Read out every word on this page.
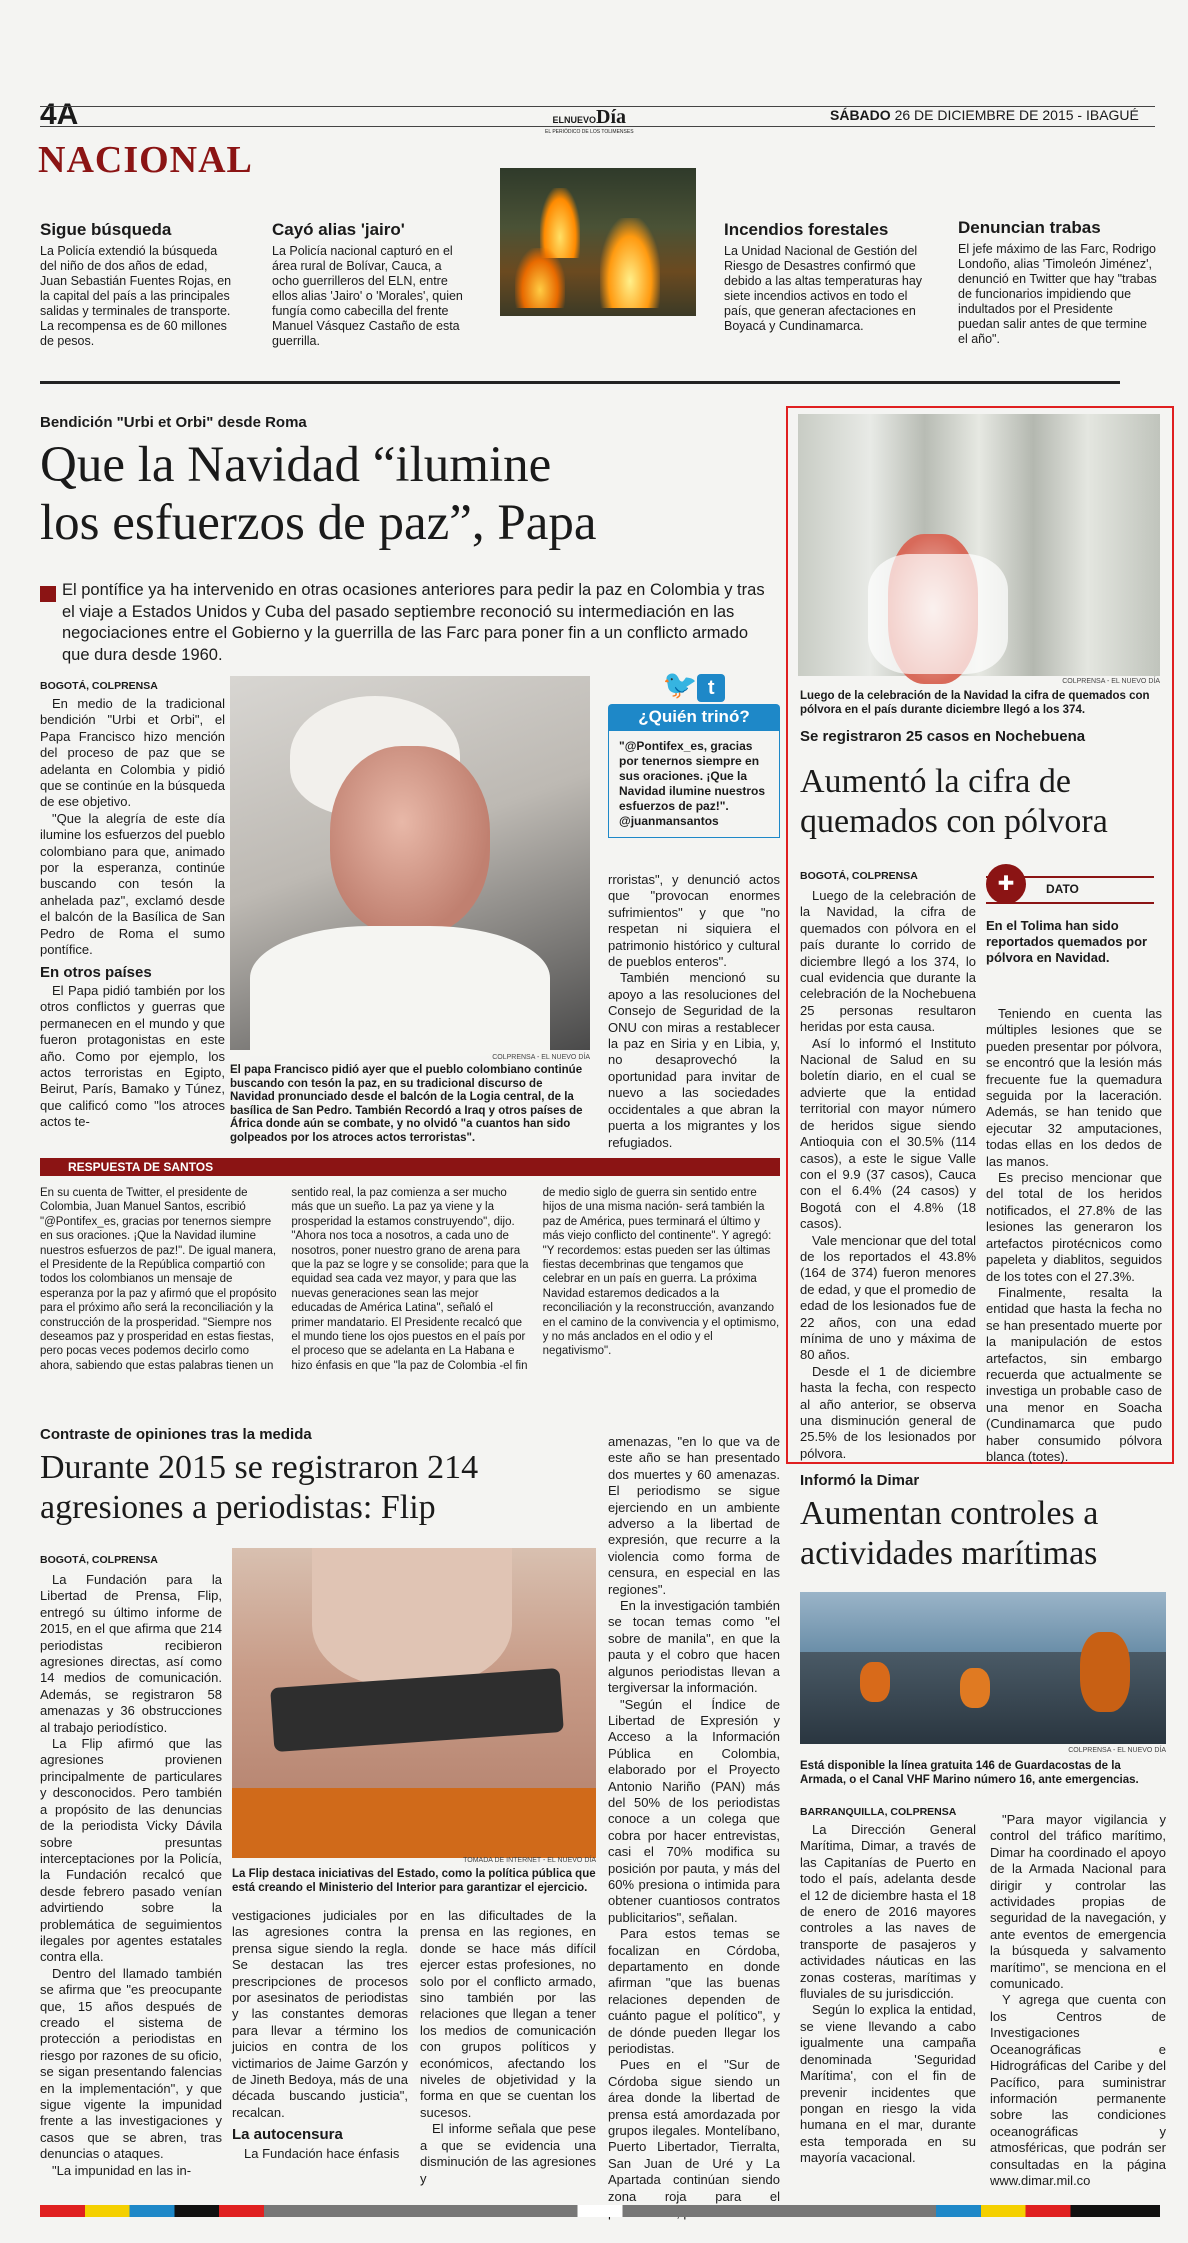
4A	ELNUEVODía
EL PERIÓDICO DE LOS TOLIMENSES
SÁBADO 26 DE DICIEMBRE DE 2015 - IBAGUÉ
NACIONAL
Sigue búsqueda

La Policía extendió la búsqueda del niño de dos años de edad, Juan Sebastián Fuentes Rojas, en la capital del país a las principales salidas y terminales de transporte. La recompensa es de 60 millones de pesos.

Cayó alias 'jairo'

La Policía nacional capturó en el área rural de Bolívar, Cauca, a ocho guerrilleros del ELN, entre ellos alias 'Jairo' o 'Morales', quien fungía como cabecilla del frente Manuel Vásquez Castaño de esta guerrilla.

Incendios forestales

La Unidad Nacional de Gestión del Riesgo de Desastres confirmó que debido a las altas temperaturas hay siete incendios activos en todo el país, que generan afectaciones en Boyacá y Cundinamarca.

Denuncian trabas

El jefe máximo de las Farc, Rodrigo Londoño, alias 'Timoleón Jiménez', denunció en Twitter que hay "trabas de funcionarios impidiendo que indultados por el Presidente puedan salir antes de que termine el año".

Bendición "Urbi et Orbi" desde Roma
Que la Navidad “ilumine
los esfuerzos de paz”, Papa
El pontífice ya ha intervenido en otras ocasiones anteriores para pedir la paz en Colombia y tras el viaje a Estados Unidos y Cuba del pasado septiembre reconoció su intermediación en las negociaciones entre el Gobierno y la guerrilla de las Farc para poner fin a un conflicto armado que dura desde 1960.
BOGOTÁ, COLPRENSA

En medio de la tradicional bendición "Urbi et Orbi", el Papa Francisco hizo mención del proceso de paz que se adelanta en Colombia y pidió que se continúe en la búsqueda de ese objetivo.

"Que la alegría de este día ilumine los esfuerzos del pueblo colombiano para que, animado por la esperanza, continúe buscando con tesón la anhelada paz", exclamó desde el balcón de la Basílica de San Pedro de Roma el sumo pontífice.

En otros países

El Papa pidió también por los otros conflictos y guerras que permanecen en el mundo y que fueron protagonistas en este año. Como por ejemplo, los actos terroristas en Egipto, Beirut, París, Bamako y Túnez, que calificó como "los atroces actos te-

COLPRENSA - EL NUEVO DÍA
El papa Francisco pidió ayer que el pueblo colombiano continúe buscando con tesón la paz, en su tradicional discurso de Navidad pronunciado desde el balcón de la Logia central, de la basílica de San Pedro. También Recordó a Iraq y otros países de África donde aún se combate, y no olvidó "a cuantos han sido golpeados por los atroces actos terroristas".
🐦 t
¿Quién trinó?
"@Pontifex_es, gracias por tenernos siempre en sus oraciones. ¡Que la Navidad ilumine nuestros esfuerzos de paz!".
@juanmansantos

rroristas", y denunció actos que "provocan enormes sufrimientos" y que "no respetan ni siquiera el patrimonio histórico y cultural de pueblos enteros".

También mencionó su apoyo a las resoluciones del Consejo de Seguridad de la ONU con miras a restablecer la paz en Siria y en Libia, y, no desaprovechó la oportunidad para invitar de nuevo a las sociedades occidentales a que abran la puerta a los migrantes y los refugiados.

RESPUESTA DE SANTOS
En su cuenta de Twitter, el presidente de Colombia, Juan Manuel Santos, escribió "@Pontifex_es, gracias por tenernos siempre en sus oraciones. ¡Que la Navidad ilumine nuestros esfuerzos de paz!". De igual manera, el Presidente de la República compartió con todos los colombianos un mensaje de esperanza por la paz y afirmó que el propósito para el próximo año será la reconciliación y la construcción de la prosperidad. "Siempre nos deseamos paz y prosperidad en estas fiestas, pero pocas veces podemos decirlo como ahora, sabiendo que estas palabras tienen un sentido real, la paz comienza a ser mucho más que un sueño. La paz ya viene y la prosperidad la estamos construyendo", dijo. "Ahora nos toca a nosotros, a cada uno de nosotros, poner nuestro grano de arena para que la paz se logre y se consolide; para que la equidad sea cada vez mayor, y para que las nuevas generaciones sean las mejor educadas de América Latina", señaló el primer mandatario. El Presidente recalcó que el mundo tiene los ojos puestos en el país por el proceso que se adelanta en La Habana e hizo énfasis en que "la paz de Colombia -el fin de medio siglo de guerra sin sentido entre hijos de una misma nación- será también la paz de América, pues terminará el último y más viejo conflicto del continente". Y agregó: "Y recordemos: estas pueden ser las últimas fiestas decembrinas que tengamos que celebrar en un país en guerra. La próxima Navidad estaremos dedicados a la reconciliación y la reconstrucción, avanzando en el camino de la convivencia y el optimismo, y no más anclados en el odio y el negativismo".
COLPRENSA - EL NUEVO DÍA
Luego de la celebración de la Navidad la cifra de quemados con pólvora en el país durante diciembre llegó a los 374.
Se registraron 25 casos en Nochebuena
Aumentó la cifra de
quemados con pólvora
BOGOTÁ, COLPRENSA

Luego de la celebración de la Navidad, la cifra de quemados con pólvora en el país durante lo corrido de diciembre llegó a los 374, lo cual evidencia que durante la celebración de la Nochebuena 25 personas resultaron heridas por esta causa.

Así lo informó el Instituto Nacional de Salud en su boletín diario, en el cual se advierte que la entidad territorial con mayor número de heridos sigue siendo Antioquia con el 30.5% (114 casos), a este le sigue Valle con el 9.9 (37 casos), Cauca con el 6.4% (24 casos) y Bogotá con el 4.8% (18 casos).

Vale mencionar que del total de los reportados el 43.8% (164 de 374) fueron menores de edad, y que el promedio de edad de los lesionados fue de 22 años, con una edad mínima de uno y máxima de 80 años.

Desde el 1 de diciembre hasta la fecha, con respecto al año anterior, se observa una disminución general de 25.5% de los lesionados por pólvora.

✚	DATO
En el Tolima han sido reportados quemados por pólvora en Navidad.

Teniendo en cuenta las múltiples lesiones que se pueden presentar por pólvora, se encontró que la lesión más frecuente fue la quemadura seguida por la laceración. Además, se han tenido que ejecutar 32 amputaciones, todas ellas en los dedos de las manos.

Es preciso mencionar que del total de los heridos notificados, el 27.8% de las lesiones las generaron los artefactos pirotécnicos como papeleta y diablitos, seguidos de los totes con el 27.3%.

Finalmente, resalta la entidad que hasta la fecha no se han presentado muerte por la manipulación de estos artefactos, sin embargo recuerda que actualmente se investiga un probable caso de una menor en Soacha (Cundinamarca que pudo haber consumido pólvora blanca (totes).

Contraste de opiniones tras la medida
Durante 2015 se registraron 214
agresiones a periodistas: Flip
BOGOTÁ, COLPRENSA

La Fundación para la Libertad de Prensa, Flip, entregó su último informe de 2015, en el que afirma que 214 periodistas recibieron agresiones directas, así como 14 medios de comunicación. Además, se registraron 58 amenazas y 36 obstrucciones al trabajo periodístico.

La Flip afirmó que las agresiones provienen principalmente de particulares y desconocidos. Pero también a propósito de las denuncias de la periodista Vicky Dávila sobre presuntas interceptaciones por la Policía, la Fundación recalcó que desde febrero pasado venían advirtiendo sobre la problemática de seguimientos ilegales por agentes estatales contra ella.

Dentro del llamado también se afirma que "es preocupante que, 15 años después de creado el sistema de protección a periodistas en riesgo por razones de su oficio, se sigan presentando falencias en la implementación", y que sigue vigente la impunidad frente a las investigaciones y casos que se abren, tras denuncias o ataques.

"La impunidad en las in-

TOMADA DE INTERNET - EL NUEVO DÍA
La Flip destaca iniciativas del Estado, como la política pública que está creando el Ministerio del Interior para garantizar el ejercicio.

vestigaciones judiciales por las agresiones contra la prensa sigue siendo la regla. Se destacan las tres prescripciones de procesos por asesinatos de periodistas y las constantes demoras para llevar a término los juicios en contra de los victimarios de Jaime Garzón y de Jineth Bedoya, más de una década buscando justicia", recalcan.

La autocensura

La Fundación hace énfasis

en las dificultades de la prensa en las regiones, en donde se hace más difícil ejercer estas profesiones, no solo por el conflicto armado, sino también por las relaciones que llegan a tener los medios de comunicación con grupos políticos y económicos, afectando los niveles de objetividad y la forma en que se cuentan los sucesos.

El informe señala que pese a que se evidencia una disminución de las agresiones y

amenazas, "en lo que va de este año se han presentado dos muertes y 60 amenazas. El periodismo se sigue ejerciendo en un ambiente adverso a la libertad de expresión, que recurre a la violencia como forma de censura, en especial en las regiones".

En la investigación también se tocan temas como "el sobre de manila", en que la pauta y el cobro que hacen algunos periodistas llevan a tergiversar la información.

"Según el Índice de Libertad de Expresión y Acceso a la Información Pública en Colombia, elaborado por el Proyecto Antonio Nariño (PAN) más del 50% de los periodistas conoce a un colega que cobra por hacer entrevistas, casi el 70% modifica su posición por pauta, y más del 60% presiona o intimida para obtener cuantiosos contratos publicitarios", señalan.

Para estos temas se focalizan en Córdoba, departamento en donde afirman "que las buenas relaciones dependen de cuánto pague el político", y de dónde pueden llegar los periodistas.

Pues en el "Sur de Córdoba sigue siendo un área donde la libertad de prensa está amordazada por grupos ilegales. Montelíbano, Puerto Libertador, Tierralta, San Juan de Uré y La Apartada continúan siendo zona roja para el

Informó la Dimar
Aumentan controles a
actividades marítimas
COLPRENSA - EL NUEVO DÍA
Está disponible la línea gratuita 146 de Guardacostas de la Armada, o el Canal VHF Marino número 16, ante emergencias.
BARRANQUILLA, COLPRENSA

La Dirección General Marítima, Dimar, a través de las Capitanías de Puerto en todo el país, adelanta desde el 12 de diciembre hasta el 18 de enero de 2016 mayores controles a las naves de transporte de pasajeros y actividades náuticas en las zonas costeras, marítimas y fluviales de su jurisdicción.

Según lo explica la entidad, se viene llevando a cabo igualmente una campaña denominada 'Seguridad Marítima', con el fin de prevenir incidentes que pongan en riesgo la vida humana en el mar, durante esta temporada en su mayoría vacacional.

"Para mayor vigilancia y control del tráfico marítimo, Dimar ha coordinado el apoyo de la Armada Nacional para dirigir y controlar las actividades propias de seguridad de la navegación, y ante eventos de emergencia la búsqueda y salvamento marítimo", se menciona en el comunicado.

Y agrega que cuenta con los Centros de Investigaciones Oceanográficas e Hidrográficas del Caribe y del Pacífico, para suministrar información permanente sobre las condiciones oceanográficas y atmosféricas, que podrán ser consultadas en la página www.dimar.mil.co
